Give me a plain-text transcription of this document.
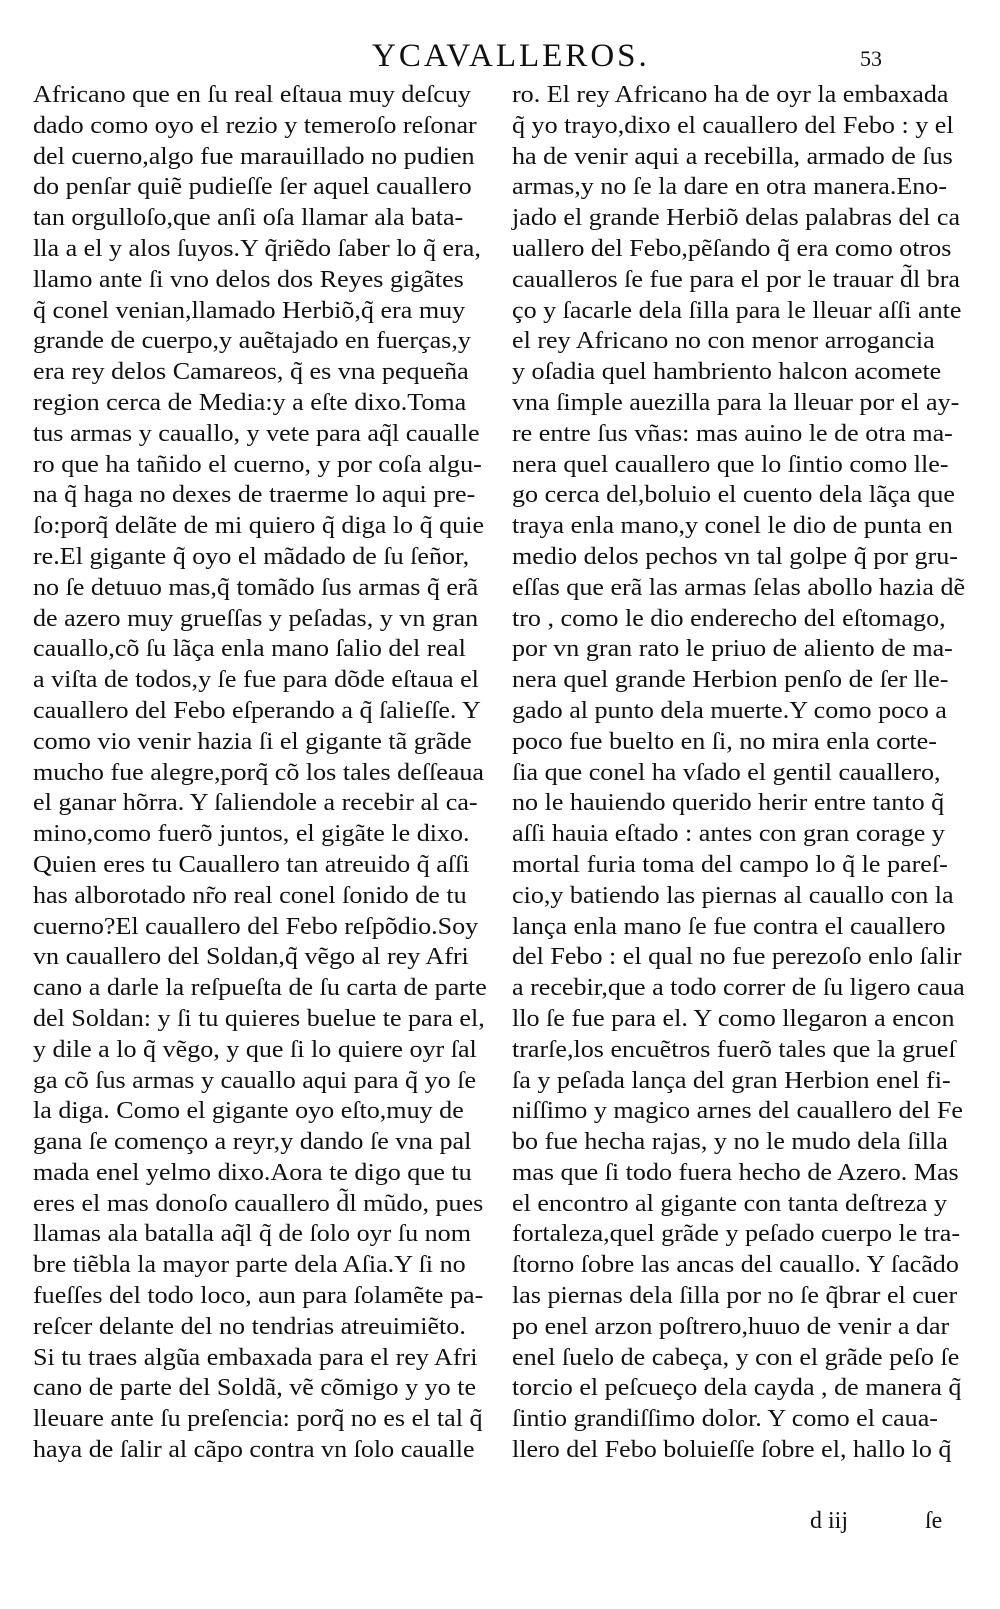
YCAVALLEROS.	53
Africano que en ſu real eſtaua muy deſcuy
dado como oyo el rezio y temeroſo reſonar
del cuerno,algo fue marauillado no pudien
do penſar quiẽ pudieſſe ſer aquel cauallero
tan orgulloſo,que anſi oſa llamar ala bata-
lla a el y alos ſuyos.Y q̃riẽdo ſaber lo q̃ era,
llamo ante ſi vno delos dos Reyes gigãtes
q̃ conel venian,llamado Herbiõ,q̃ era muy
grande de cuerpo,y auẽtajado en fuerças,y
era rey delos Camareos, q̃ es vna pequeña
region cerca de Media:y a eſte dixo.Toma
tus armas y cauallo, y vete para aq̃l caualle
ro que ha tañido el cuerno, y por coſa algu-
na q̃ haga no dexes de traerme lo aqui pre-
ſo:porq̃ delãte de mi quiero q̃ diga lo q̃ quie
re.El gigante q̃ oyo el mãdado de ſu ſeñor,
no ſe detuuo mas,q̃ tomãdo ſus armas q̃ erã
de azero muy grueſſas y peſadas, y vn gran
cauallo,cõ ſu lãça enla mano ſalio del real
a viſta de todos,y ſe fue para dõde eſtaua el
cauallero del Febo eſperando a q̃ ſalieſſe. Y
como vio venir hazia ſi el gigante tã grãde
mucho fue alegre,porq̃ cõ los tales deſſeaua
el ganar hõrra. Y ſaliendole a recebir al ca-
mino,como fuerõ juntos, el gigãte le dixo.
Quien eres tu Cauallero tan atreuido q̃ aſſi
has alborotado nr̃o real conel ſonido de tu
cuerno?El cauallero del Febo reſpõdio.Soy
vn cauallero del Soldan,q̃ vẽgo al rey Afri
cano a darle la reſpueſta de ſu carta de parte
del Soldan: y ſi tu quieres buelue te para el,
y dile a lo q̃ vẽgo, y que ſi lo quiere oyr ſal
ga cõ ſus armas y cauallo aqui para q̃ yo ſe
la diga. Como el gigante oyo eſto,muy de
gana ſe començo a reyr,y dando ſe vna pal
mada enel yelmo dixo.Aora te digo que tu
eres el mas donoſo cauallero d̃l mũdo, pues
llamas ala batalla aq̃l q̃ de ſolo oyr ſu nom
bre tiẽbla la mayor parte dela Aſia.Y ſi no
fueſſes del todo loco, aun para ſolamẽte pa-
reſcer delante del no tendrias atreuimiẽto.
Si tu traes algũa embaxada para el rey Afri
cano de parte del Soldã, vẽ cõmigo y yo te
lleuare ante ſu preſencia: porq̃ no es el tal q̃
haya de ſalir al cãpo contra vn ſolo caualle
ro. El rey Africano ha de oyr la embaxada
q̃ yo trayo,dixo el cauallero del Febo : y el
ha de venir aqui a recebilla, armado de ſus
armas,y no ſe la dare en otra manera.Eno-
jado el grande Herbiõ delas palabras del ca
uallero del Febo,pẽſando q̃ era como otros
caualleros ſe fue para el por le trauar d̃l bra
ço y ſacarle dela ſilla para le lleuar aſſi ante
el rey Africano no con menor arrogancia
y oſadia quel hambriento halcon acomete
vna ſimple auezilla para la lleuar por el ay-
re entre ſus vñas: mas auino le de otra ma-
nera quel cauallero que lo ſintio como lle-
go cerca del,boluio el cuento dela lãça que
traya enla mano,y conel le dio de punta en
medio delos pechos vn tal golpe q̃ por gru-
eſſas que erã las armas ſelas abollo hazia dẽ
tro , como le dio enderecho del eſtomago,
por vn gran rato le priuo de aliento de ma-
nera quel grande Herbion penſo de ſer lle-
gado al punto dela muerte.Y como poco a
poco fue buelto en ſi, no mira enla corte-
ſia que conel ha vſado el gentil cauallero,
no le hauiendo querido herir entre tanto q̃
aſſi hauia eſtado : antes con gran corage y
mortal furia toma del campo lo q̃ le pareſ-
cio,y batiendo las piernas al cauallo con la
lança enla mano ſe fue contra el cauallero
del Febo : el qual no fue perezoſo enlo ſalir
a recebir,que a todo correr de ſu ligero caua
llo ſe fue para el. Y como llegaron a encon
trarſe,los encuẽtros fuerõ tales que la grueſ
ſa y peſada lança del gran Herbion enel fi-
niſſimo y magico arnes del cauallero del Fe
bo fue hecha rajas, y no le mudo dela ſilla
mas que ſi todo fuera hecho de Azero. Mas
el encontro al gigante con tanta deſtreza y
fortaleza,quel grãde y peſado cuerpo le tra-
ſtorno ſobre las ancas del cauallo. Y ſacãdo
las piernas dela ſilla por no ſe q̃brar el cuer
po enel arzon poſtrero,huuo de venir a dar
enel ſuelo de cabeça, y con el grãde peſo ſe
torcio el peſcueço dela cayda , de manera q̃
ſintio grandiſſimo dolor. Y como el caua-
llero del Febo boluieſſe ſobre el, hallo lo q̃
d iij	ſe
